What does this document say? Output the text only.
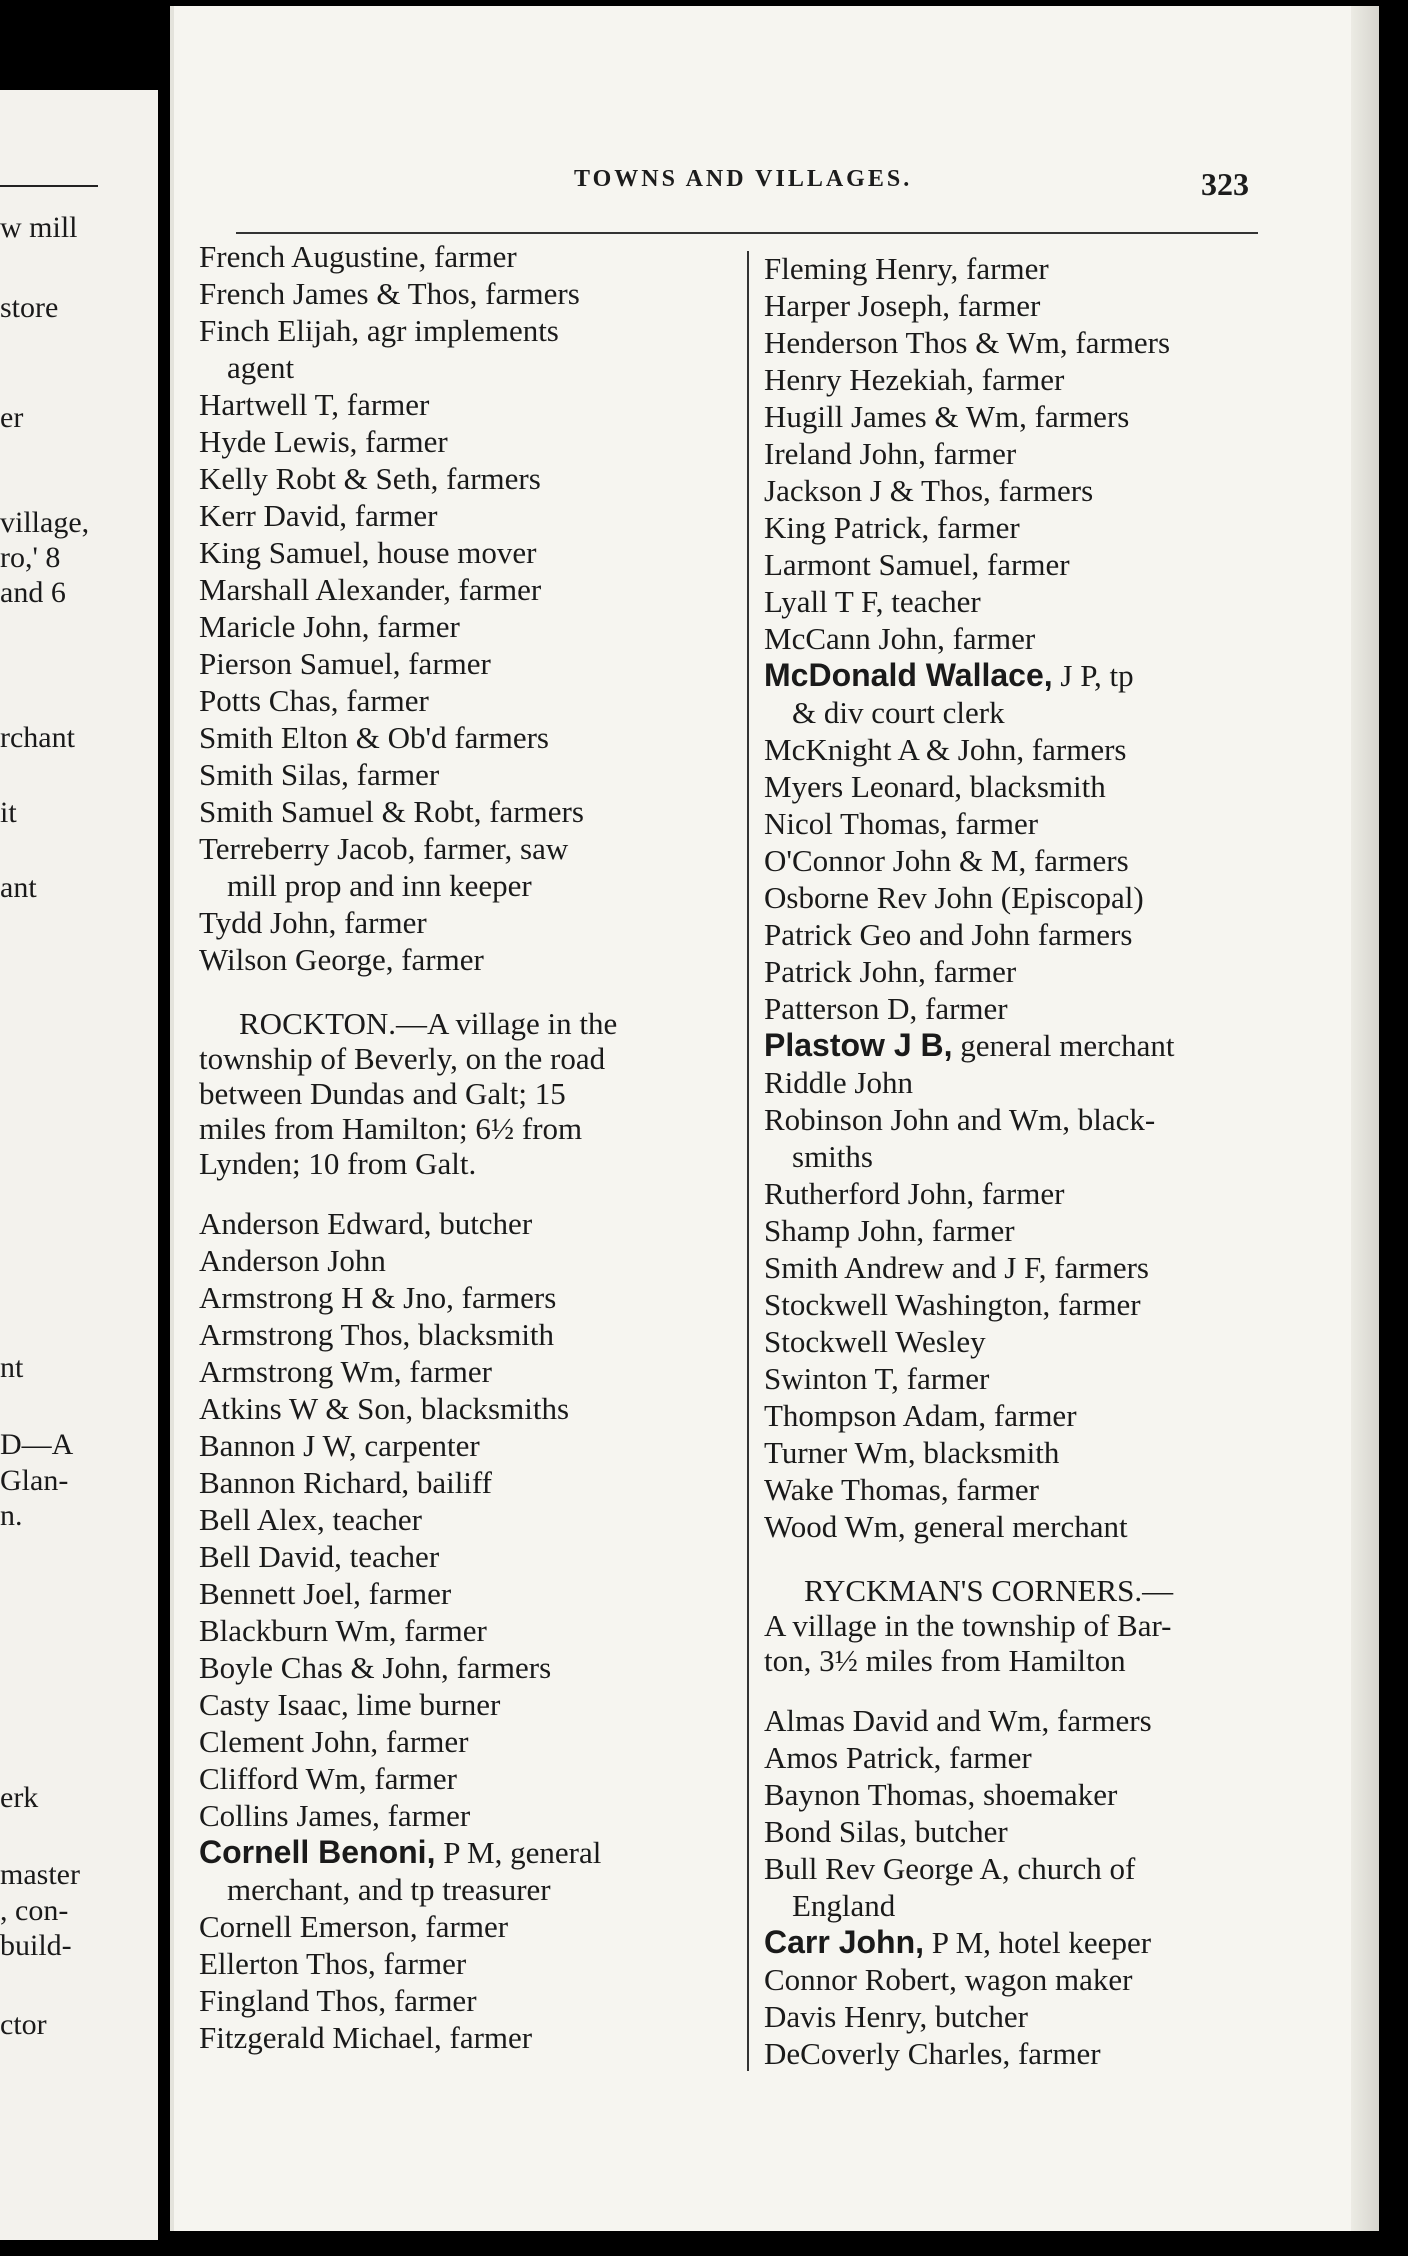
w mill
store
er
village,
ro,' 8
and 6
rchant
it
ant
nt
D—A
Glan-
n.
erk
master
, con-
build-
ctor
TOWNS AND VILLAGES.	323
French Augustine, farmer
French James & Thos, farmers
Finch Elijah, agr implements
agent
Hartwell T, farmer
Hyde Lewis, farmer
Kelly Robt & Seth, farmers
Kerr David, farmer
King Samuel, house mover
Marshall Alexander, farmer
Maricle John, farmer
Pierson Samuel, farmer
Potts Chas, farmer
Smith Elton & Ob'd farmers
Smith Silas, farmer
Smith Samuel & Robt, farmers
Terreberry Jacob, farmer, saw
mill prop and inn keeper
Tydd John, farmer
Wilson George, farmer
ROCKTON.—A village in the
township of Beverly, on the road
between Dundas and Galt; 15
miles from Hamilton; 6½ from
Lynden; 10 from Galt.
Anderson Edward, butcher
Anderson John
Armstrong H & Jno, farmers
Armstrong Thos, blacksmith
Armstrong Wm, farmer
Atkins W & Son, blacksmiths
Bannon J W, carpenter
Bannon Richard, bailiff
Bell Alex, teacher
Bell David, teacher
Bennett Joel, farmer
Blackburn Wm, farmer
Boyle Chas & John, farmers
Casty Isaac, lime burner
Clement John, farmer
Clifford Wm, farmer
Collins James, farmer
Cornell Benoni, P M, general
merchant, and tp treasurer
Cornell Emerson, farmer
Ellerton Thos, farmer
Fingland Thos, farmer
Fitzgerald Michael, farmer
Fleming Henry, farmer
Harper Joseph, farmer
Henderson Thos & Wm, farmers
Henry Hezekiah, farmer
Hugill James & Wm, farmers
Ireland John, farmer
Jackson J & Thos, farmers
King Patrick, farmer
Larmont Samuel, farmer
Lyall T F, teacher
McCann John, farmer
McDonald Wallace, J P, tp
& div court clerk
McKnight A & John, farmers
Myers Leonard, blacksmith
Nicol Thomas, farmer
O'Connor John & M, farmers
Osborne Rev John (Episcopal)
Patrick Geo and John farmers
Patrick John, farmer
Patterson D, farmer
Plastow J B, general merchant
Riddle John
Robinson John and Wm, black-
smiths
Rutherford John, farmer
Shamp John, farmer
Smith Andrew and J F, farmers
Stockwell Washington, farmer
Stockwell Wesley
Swinton T, farmer
Thompson Adam, farmer
Turner Wm, blacksmith
Wake Thomas, farmer
Wood Wm, general merchant
RYCKMAN'S CORNERS.—
A village in the township of Bar-
ton, 3½ miles from Hamilton
Almas David and Wm, farmers
Amos Patrick, farmer
Baynon Thomas, shoemaker
Bond Silas, butcher
Bull Rev George A, church of
England
Carr John, P M, hotel keeper
Connor Robert, wagon maker
Davis Henry, butcher
DeCoverly Charles, farmer
